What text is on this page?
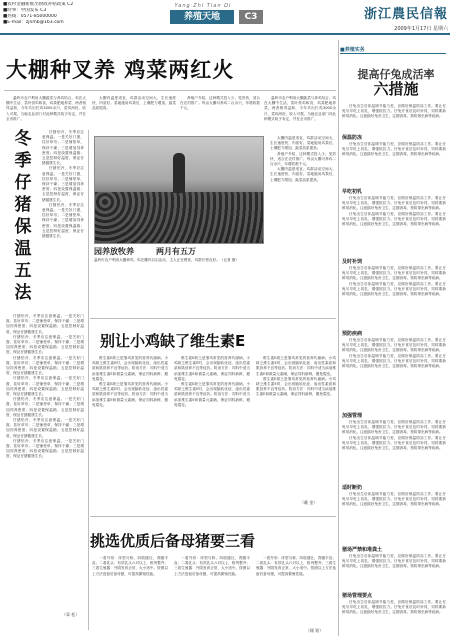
■农村金融新推出财政补贴政策 C2
■时事：中国发布 C3
■热线：0571-85000000
■E-mail：zjnmb@163.com
Yang Zhi Tian Di
养殖天地	C3	浙江農民信報
2009年1月17日 星期六
大棚种叉养 鸡菜两红火

温岭市农户利用大棚蔬菜与养鸡结合，鸡在大棚中生活，菜叶供鸡啄食，鸡粪肥地养菜，两者相得益彰，今年共出栏鸡3000余只，菜鸡两旺，收入可观。当地农业部门对此种模式给予肯定，并在全市推广。

大棚内温度适宜，鸡群活动空间大，生长速度快，肉质好。菜地施用鸡粪后，土壤肥力增加，蔬菜品质提高。

养殖户介绍，这种模式投入少，见效快，适合在农村推广。每亩大棚可养鸡二百余只，年增收数千元。

温岭市农户利用大棚蔬菜与养鸡结合，鸡在大棚中生活，菜叶供鸡啄食，鸡粪肥地养菜，两者相得益彰，今年共出栏鸡3000余只，菜鸡两旺，收入可观。当地农业部门对此种模式给予肯定，并在全市推广。

冬
季
仔
猪
保
温
五
法

仔猪怕冷，冬季应注意保温。一是关好门窗，挂好草帘；二是铺垫草，保持干燥；三是增加饲养密度；四是设置保温箱；五是控制好温度，保证仔猪健康生长。

仔猪怕冷，冬季应注意保温。一是关好门窗，挂好草帘；二是铺垫草，保持干燥；三是增加饲养密度；四是设置保温箱；五是控制好温度，保证仔猪健康生长。

仔猪怕冷，冬季应注意保温。一是关好门窗，挂好草帘；二是铺垫草，保持干燥；三是增加饲养密度；四是设置保温箱；五是控制好温度，保证仔猪健康生长。

仔猪怕冷，冬季应注意保温。一是关好门窗，挂好草帘；二是铺垫草，保持干燥；三是增加饲养密度；四是设置保温箱；五是控制好温度，保证仔猪健康生长。

仔猪怕冷，冬季应注意保温。一是关好门窗，挂好草帘；二是铺垫草，保持干燥；三是增加饲养密度；四是设置保温箱；五是控制好温度，保证仔猪健康生长。

仔猪怕冷，冬季应注意保温。一是关好门窗，挂好草帘；二是铺垫草，保持干燥；三是增加饲养密度；四是设置保温箱；五是控制好温度，保证仔猪健康生长。

仔猪怕冷，冬季应注意保温。一是关好门窗，挂好草帘；二是铺垫草，保持干燥；三是增加饲养密度；四是设置保温箱；五是控制好温度，保证仔猪健康生长。

仔猪怕冷，冬季应注意保温。一是关好门窗，挂好草帘；二是铺垫草，保持干燥；三是增加饲养密度；四是设置保温箱；五是控制好温度，保证仔猪健康生长。

仔猪怕冷，冬季应注意保温。一是关好门窗，挂好草帘；二是铺垫草，保持干燥；三是增加饲养密度；四是设置保温箱；五是控制好温度，保证仔猪健康生长。

仔猪怕冷，冬季应注意保温。一是关好门窗，挂好草帘；二是铺垫草，保持干燥；三是增加饲养密度；四是设置保温箱；五是控制好温度，保证仔猪健康生长。

（章 松）
园养放牧养	两月有五万
温岭市农户利用大棚养鸡，鸡在棚内自由活动，主人正在喂食，鸡群长势良好。（记者 摄）

大棚内温度适宜，鸡群活动空间大，生长速度快，肉质好。菜地施用鸡粪后，土壤肥力增加，蔬菜品质提高。

养殖户介绍，这种模式投入少，见效快，适合在农村推广。每亩大棚可养鸡二百余只，年增收数千元。

大棚内温度适宜，鸡群活动空间大，生长速度快，肉质好。菜地施用鸡粪后，土壤肥力增加，蔬菜品质提高。

别让小鸡缺了维生素E

维生素E缺乏是雏鸡常见的营养代谢病。小鸡缺乏维生素E时，会出现脑软化症、渗出性素质和肌营养不良等症状。防治方法：饲料中适当添加维生素E和微量元素硒，保证饲料新鲜，避免霉变。

维生素E缺乏是雏鸡常见的营养代谢病。小鸡缺乏维生素E时，会出现脑软化症、渗出性素质和肌营养不良等症状。防治方法：饲料中适当添加维生素E和微量元素硒，保证饲料新鲜，避免霉变。

维生素E缺乏是雏鸡常见的营养代谢病。小鸡缺乏维生素E时，会出现脑软化症、渗出性素质和肌营养不良等症状。防治方法：饲料中适当添加维生素E和微量元素硒，保证饲料新鲜，避免霉变。

维生素E缺乏是雏鸡常见的营养代谢病。小鸡缺乏维生素E时，会出现脑软化症、渗出性素质和肌营养不良等症状。防治方法：饲料中适当添加维生素E和微量元素硒，保证饲料新鲜，避免霉变。

维生素E缺乏是雏鸡常见的营养代谢病。小鸡缺乏维生素E时，会出现脑软化症、渗出性素质和肌营养不良等症状。防治方法：饲料中适当添加维生素E和微量元素硒，保证饲料新鲜，避免霉变。

维生素E缺乏是雏鸡常见的营养代谢病。小鸡缺乏维生素E时，会出现脑软化症、渗出性素质和肌营养不良等症状。防治方法：饲料中适当添加维生素E和微量元素硒，保证饲料新鲜，避免霉变。

（戴 金）
挑选优质后备母猪要三看

一看外形：体型匀称，四肢健壮，背腰平直；二看乳头：有效乳头六对以上，排列整齐；三看生殖器：外阴发育正常，大小适中。按照以上方法选留后备母猪，可提高繁殖性能。

一看外形：体型匀称，四肢健壮，背腰平直；二看乳头：有效乳头六对以上，排列整齐；三看生殖器：外阴发育正常，大小适中。按照以上方法选留后备母猪，可提高繁殖性能。

一看外形：体型匀称，四肢健壮，背腰平直；二看乳头：有效乳头六对以上，排列整齐；三看生殖器：外阴发育正常，大小适中。按照以上方法选留后备母猪，可提高繁殖性能。

（顾 铭）
■养殖实务
提高仔兔成活率
六措施

仔兔出生后体温调节能力差，应做好保温防冻工作。要让仔兔尽早吃上初乳，增强抵抗力。仔兔开食后及时补饲，饲料要新鲜易消化。注意搞好兔舍卫生，定期消毒，预防球虫病等疾病。

保温防冻

仔兔出生后体温调节能力差，应做好保温防冻工作。要让仔兔尽早吃上初乳，增强抵抗力。仔兔开食后及时补饲，饲料要新鲜易消化。注意搞好兔舍卫生，定期消毒，预防球虫病等疾病。

早吃初乳

仔兔出生后体温调节能力差，应做好保温防冻工作。要让仔兔尽早吃上初乳，增强抵抗力。仔兔开食后及时补饲，饲料要新鲜易消化。注意搞好兔舍卫生，定期消毒，预防球虫病等疾病。

仔兔出生后体温调节能力差，应做好保温防冻工作。要让仔兔尽早吃上初乳，增强抵抗力。仔兔开食后及时补饲，饲料要新鲜易消化。注意搞好兔舍卫生，定期消毒，预防球虫病等疾病。

及时补饲

仔兔出生后体温调节能力差，应做好保温防冻工作。要让仔兔尽早吃上初乳，增强抵抗力。仔兔开食后及时补饲，饲料要新鲜易消化。注意搞好兔舍卫生，定期消毒，预防球虫病等疾病。

仔兔出生后体温调节能力差，应做好保温防冻工作。要让仔兔尽早吃上初乳，增强抵抗力。仔兔开食后及时补饲，饲料要新鲜易消化。注意搞好兔舍卫生，定期消毒，预防球虫病等疾病。

预防疾病

仔兔出生后体温调节能力差，应做好保温防冻工作。要让仔兔尽早吃上初乳，增强抵抗力。仔兔开食后及时补饲，饲料要新鲜易消化。注意搞好兔舍卫生，定期消毒，预防球虫病等疾病。

仔兔出生后体温调节能力差，应做好保温防冻工作。要让仔兔尽早吃上初乳，增强抵抗力。仔兔开食后及时补饲，饲料要新鲜易消化。注意搞好兔舍卫生，定期消毒，预防球虫病等疾病。

加强管理

仔兔出生后体温调节能力差，应做好保温防冻工作。要让仔兔尽早吃上初乳，增强抵抗力。仔兔开食后及时补饲，饲料要新鲜易消化。注意搞好兔舍卫生，定期消毒，预防球虫病等疾病。

仔兔出生后体温调节能力差，应做好保温防冻工作。要让仔兔尽早吃上初乳，增强抵抗力。仔兔开食后及时补饲，饲料要新鲜易消化。注意搞好兔舍卫生，定期消毒，预防球虫病等疾病。

适时断奶

仔兔出生后体温调节能力差，应做好保温防冻工作。要让仔兔尽早吃上初乳，增强抵抗力。仔兔开食后及时补饲，饲料要新鲜易消化。注意搞好兔舍卫生，定期消毒，预防球虫病等疾病。

猪场严禁和堆粪土

仔兔出生后体温调节能力差，应做好保温防冻工作。要让仔兔尽早吃上初乳，增强抵抗力。仔兔开食后及时补饲，饲料要新鲜易消化。注意搞好兔舍卫生，定期消毒，预防球虫病等疾病。

猪场管理要点

仔兔出生后体温调节能力差，应做好保温防冻工作。要让仔兔尽早吃上初乳，增强抵抗力。仔兔开食后及时补饲，饲料要新鲜易消化。注意搞好兔舍卫生，定期消毒，预防球虫病等疾病。
